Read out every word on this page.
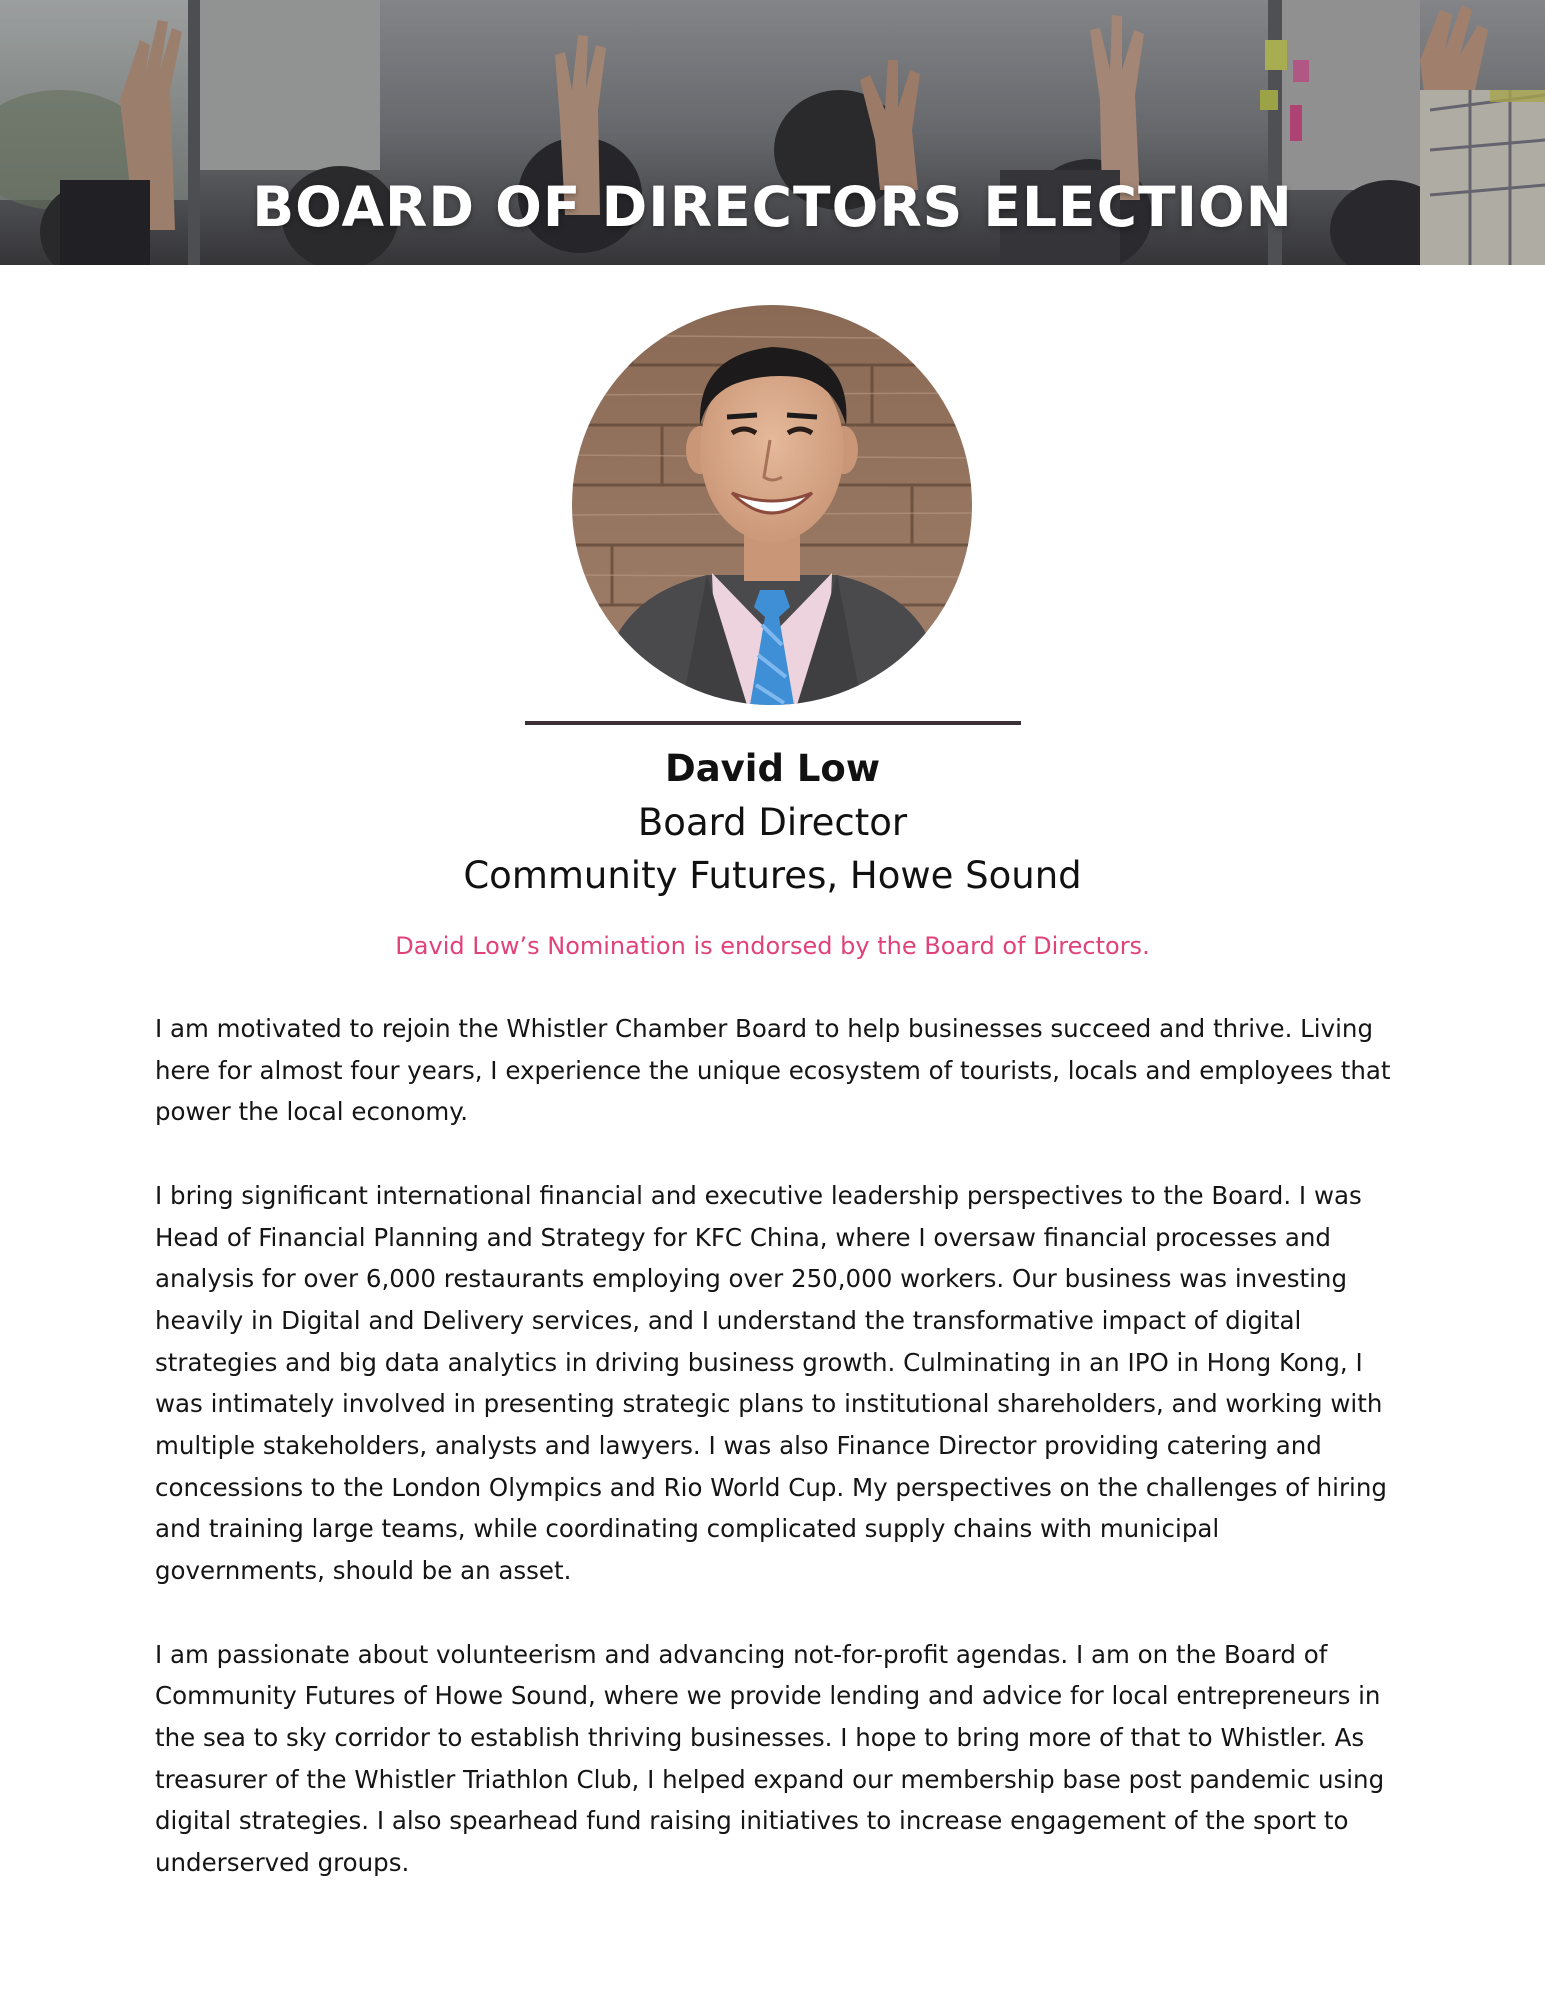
BOARD OF DIRECTORS ELECTION
David Low
Board Director
Community Futures, Howe Sound
David Low’s Nomination is endorsed by the Board of Directors.

I am motivated to rejoin the Whistler Chamber Board to help businesses succeed and thrive. Living here for almost four years, I experience the unique ecosystem of tourists, locals and employees that power the local economy.

I bring significant international financial and executive leadership perspectives to the Board. I was Head of Financial Planning and Strategy for KFC China, where I oversaw financial processes and analysis for over 6,000 restaurants employing over 250,000 workers. Our business was investing heavily in Digital and Delivery services, and I understand the transformative impact of digital strategies and big data analytics in driving business growth. Culminating in an IPO in Hong Kong, I was intimately involved in presenting strategic plans to institutional shareholders, and working with multiple stakeholders, analysts and lawyers. I was also Finance Director providing catering and concessions to the London Olympics and Rio World Cup. My perspectives on the challenges of hiring and training large teams, while coordinating complicated supply chains with municipal governments, should be an asset.

I am passionate about volunteerism and advancing not-for-profit agendas. I am on the Board of Community Futures of Howe Sound, where we provide lending and advice for local entrepreneurs in the sea to sky corridor to establish thriving businesses. I hope to bring more of that to Whistler. As treasurer of the Whistler Triathlon Club, I helped expand our membership base post pandemic using digital strategies. I also spearhead fund raising initiatives to increase engagement of the sport to underserved groups.
